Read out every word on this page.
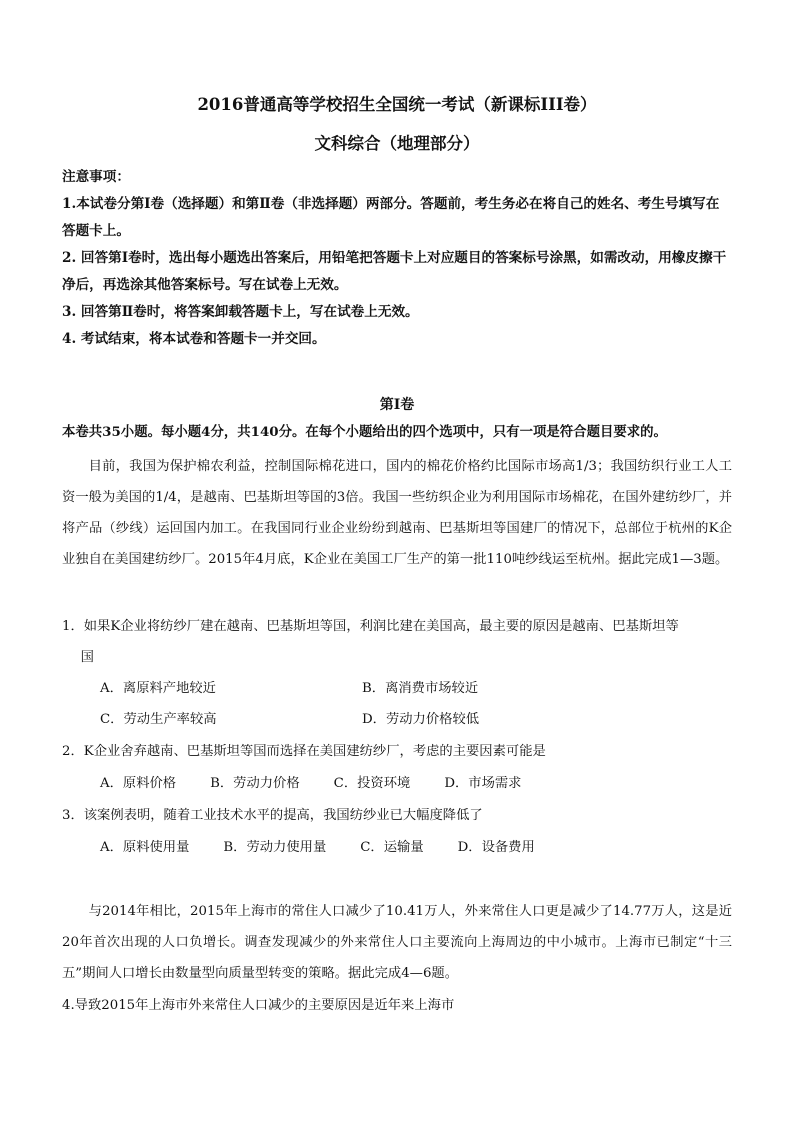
2016普通高等学校招生全国统一考试（新课标III卷）
文科综合（地理部分）

注意事项：

1.本试卷分第Ⅰ卷（选择题）和第Ⅱ卷（非选择题）两部分。答题前，考生务必在将自己的姓名、考生号填写在答题卡上。

2. 回答第Ⅰ卷时，选出每小题选出答案后，用铅笔把答题卡上对应题目的答案标号涂黑，如需改动，用橡皮擦干净后，再选涂其他答案标号。写在试卷上无效。

3. 回答第Ⅱ卷时，将答案卸载答题卡上，写在试卷上无效。

4. 考试结束，将本试卷和答题卡一并交回。

第Ⅰ卷
本卷共35小题。每小题4分，共140分。在每个小题给出的四个选项中，只有一项是符合题目要求的。

目前，我国为保护棉农利益，控制国际棉花进口，国内的棉花价格约比国际市场高1/3；我国纺织行业工人工资一般为美国的1/4，是越南、巴基斯坦等国的3倍。我国一些纺织企业为利用国际市场棉花，在国外建纺纱厂，并将产品（纱线）运回国内加工。在我国同行业企业纷纷到越南、巴基斯坦等国建厂的情况下，总部位于杭州的K企业独自在美国建纺纱厂。2015年4月底，K企业在美国工厂生产的第一批110吨纱线运至杭州。据此完成1—3题。

1．如果K企业将纺纱厂建在越南、巴基斯坦等国，利润比建在美国高，最主要的原因是越南、巴基斯坦等
国
A．离原料产地较近	B．离消费市场较近
C．劳动生产率较高	D．劳动力价格较低
2．K企业舍弃越南、巴基斯坦等国而选择在美国建纺纱厂，考虑的主要因素可能是
A．原料价格	B．劳动力价格	C．投资环境	D．市场需求
3．该案例表明，随着工业技术水平的提高，我国纺纱业已大幅度降低了
A．原料使用量	B．劳动力使用量	C．运输量	D．设备费用

与2014年相比，2015年上海市的常住人口减少了10.41万人，外来常住人口更是减少了14.77万人，这是近20年首次出现的人口负增长。调查发现减少的外来常住人口主要流向上海周边的中小城市。上海市已制定“十三五”期间人口增长由数量型向质量型转变的策略。据此完成4—6题。

4.导致2015年上海市外来常住人口减少的主要原因是近年来上海市
